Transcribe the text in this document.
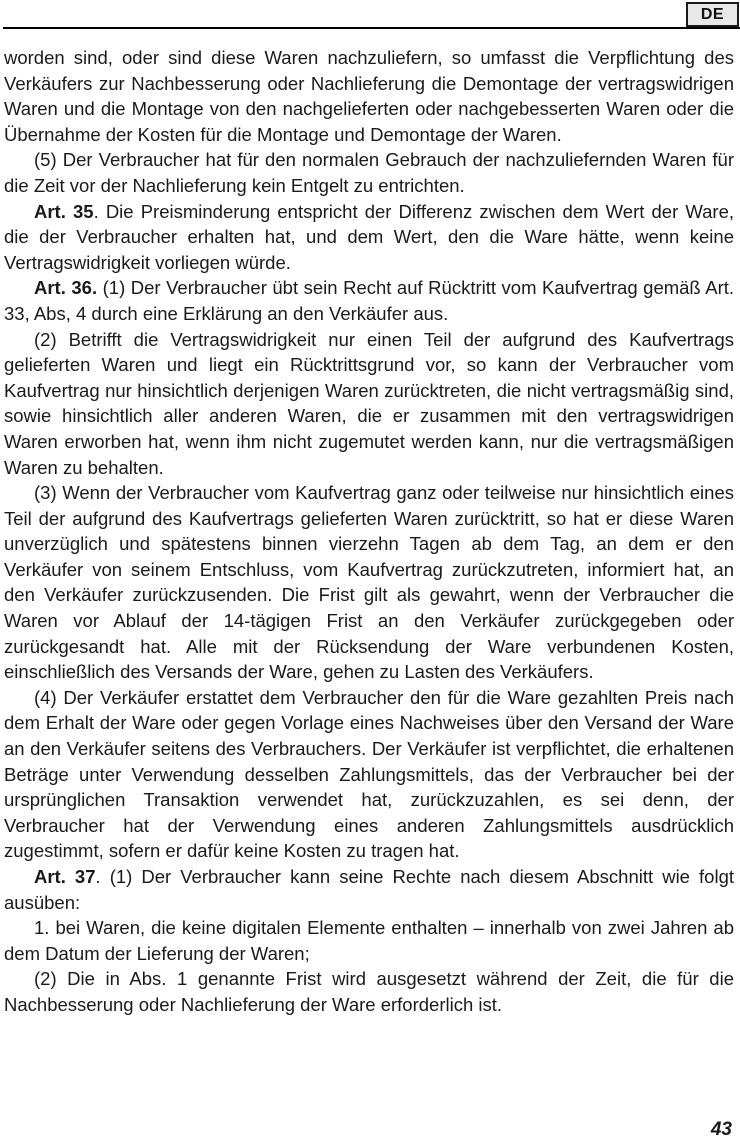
DE

worden sind, oder sind diese Waren nachzuliefern, so umfasst die Verpflichtung des Verkäufers zur Nachbesserung oder Nachlieferung die Demontage der vertragswidrigen Waren und die Montage von den nachgelieferten oder nachgebesserten Waren oder die Übernahme der Kosten für die Montage und Demontage der Waren.

(5) Der Verbraucher hat für den normalen Gebrauch der nachzuliefernden Waren für die Zeit vor der Nachlieferung kein Entgelt zu entrichten.

Art. 35. Die Preisminderung entspricht der Differenz zwischen dem Wert der Ware, die der Verbraucher erhalten hat, und dem Wert, den die Ware hätte, wenn keine Vertragswidrigkeit vorliegen würde.

Art. 36. (1) Der Verbraucher übt sein Recht auf Rücktritt vom Kaufvertrag gemäß Art. 33, Abs, 4 durch eine Erklärung an den Verkäufer aus.

(2) Betrifft die Vertragswidrigkeit nur einen Teil der aufgrund des Kaufvertrags gelieferten Waren und liegt ein Rücktrittsgrund vor, so kann der Verbraucher vom Kaufvertrag nur hinsichtlich derjenigen Waren zurücktreten, die nicht vertragsmäßig sind, sowie hinsichtlich aller anderen Waren, die er zusammen mit den vertragswidrigen Waren erworben hat, wenn ihm nicht zugemutet werden kann, nur die vertragsmäßigen Waren zu behalten.

(3) Wenn der Verbraucher vom Kaufvertrag ganz oder teilweise nur hinsichtlich eines Teil der aufgrund des Kaufvertrags gelieferten Waren zurücktritt, so hat er diese Waren unverzüglich und spätestens binnen vierzehn Tagen ab dem Tag, an dem er den Verkäufer von seinem Entschluss, vom Kaufvertrag zurückzutreten, informiert hat, an den Verkäufer zurückzusenden. Die Frist gilt als gewahrt, wenn der Verbraucher die Waren vor Ablauf der 14-tägigen Frist an den Verkäufer zurückgegeben oder zurückgesandt hat. Alle mit der Rücksendung der Ware verbundenen Kosten, einschließlich des Versands der Ware, gehen zu Lasten des Verkäufers.

(4) Der Verkäufer erstattet dem Verbraucher den für die Ware gezahlten Preis nach dem Erhalt der Ware oder gegen Vorlage eines Nachweises über den Versand der Ware an den Verkäufer seitens des Verbrauchers. Der Verkäufer ist verpflichtet, die erhaltenen Beträge unter Verwendung desselben Zahlungsmittels, das der Verbraucher bei der ursprünglichen Transaktion verwendet hat, zurückzuzahlen, es sei denn, der Verbraucher hat der Verwendung eines anderen Zahlungsmittels ausdrücklich zugestimmt, sofern er dafür keine Kosten zu tragen hat.

Art. 37. (1) Der Verbraucher kann seine Rechte nach diesem Abschnitt wie folgt ausüben:

1. bei Waren, die keine digitalen Elemente enthalten – innerhalb von zwei Jahren ab dem Datum der Lieferung der Waren;

(2) Die in Abs. 1 genannte Frist wird ausgesetzt während der Zeit, die für die Nachbesserung oder Nachlieferung der Ware erforderlich ist.

43
